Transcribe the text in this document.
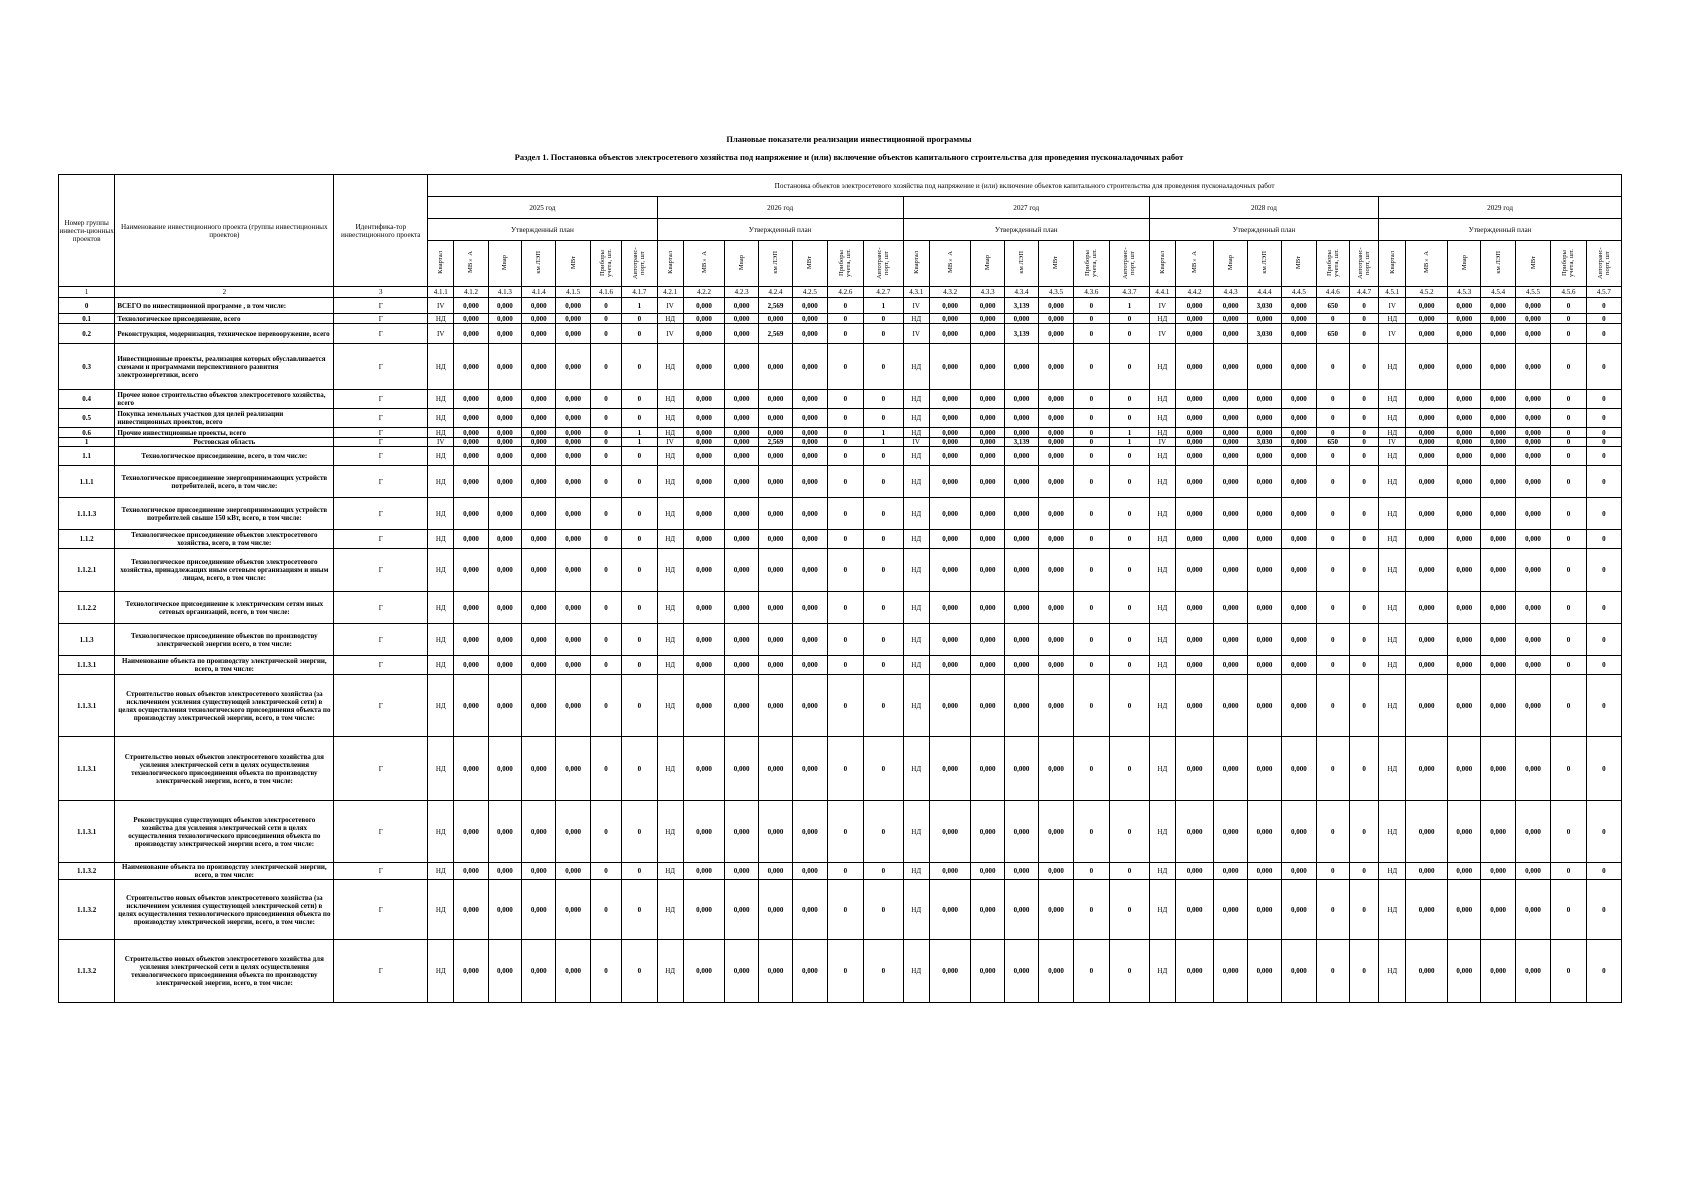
Плановые показатели реализации инвестиционной программы
Раздел 1. Постановка объектов электросетевого хозяйства под напряжение и (или) включение объектов капитального строительства для проведения пусконаладочных работ
Номер группы инвести-ционных проектов	Наименование инвестиционного проекта (группы инвестиционных проектов)	Идентифика-тор инвестиционного проекта	Постановка объектов электросетевого хозяйства под напряжение и (или) включение объектов капитального строительства для проведения пусконаладочных работ																																		
			2025 год							2026 год							2027 год							2028 год							2029 год						
			Утвержденный план							Утвержденный план							Утвержденный план							Утвержденный план							Утвержденный план						
			Квартал	МВ×А	Мвар	км ЛЭП	МВт	Приборы учета, шт.	Автотранс-порт, шт	Квартал	МВ×А	Мвар	км ЛЭП	МВт	Приборы учета, шт.	Автотранс-порт, шт	Квартал	МВ×А	Мвар	км ЛЭП	МВт	Приборы учета, шт.	Автотранс-порт, шт	Квартал	МВ×А	Мвар	км ЛЭП	МВт	Приборы учета, шт.	Автотранс-порт, шт	Квартал	МВ×А	Мвар	км ЛЭП	МВт	Приборы учета, шт.	Автотранс-порт, шт
1	2	3	4.1.1	4.1.2	4.1.3	4.1.4	4.1.5	4.1.6	4.1.7	4.2.1	4.2.2	4.2.3	4.2.4	4.2.5	4.2.6	4.2.7	4.3.1	4.3.2	4.3.3	4.3.4	4.3.5	4.3.6	4.3.7	4.4.1	4.4.2	4.4.3	4.4.4	4.4.5	4.4.6	4.4.7	4.5.1	4.5.2	4.5.3	4.5.4	4.5.5	4.5.6	4.5.7
0	ВСЕГО по инвестиционной программе , в том числе:	Г	IV	0,000	0,000	0,000	0,000	0	1	IV	0,000	0,000	2,569	0,000	0	1	IV	0,000	0,000	3,139	0,000	0	1	IV	0,000	0,000	3,030	0,000	650	0	IV	0,000	0,000	0,000	0,000	0	0
0.1	Технологическое присоединение, всего	Г	НД	0,000	0,000	0,000	0,000	0	0	НД	0,000	0,000	0,000	0,000	0	0	НД	0,000	0,000	0,000	0,000	0	0	НД	0,000	0,000	0,000	0,000	0	0	НД	0,000	0,000	0,000	0,000	0	0
0.2	Реконструкция, модернизация, техническое перевооружение, всего	Г	IV	0,000	0,000	0,000	0,000	0	0	IV	0,000	0,000	2,569	0,000	0	0	IV	0,000	0,000	3,139	0,000	0	0	IV	0,000	0,000	3,030	0,000	650	0	IV	0,000	0,000	0,000	0,000	0	0
0.3	Инвестиционные проекты, реализация которых обуславливается схемами и программами перспективного развития электроэнергетики, всего	Г	НД	0,000	0,000	0,000	0,000	0	0	НД	0,000	0,000	0,000	0,000	0	0	НД	0,000	0,000	0,000	0,000	0	0	НД	0,000	0,000	0,000	0,000	0	0	НД	0,000	0,000	0,000	0,000	0	0
0.4	Прочее новое строительство объектов электросетевого хозяйства, всего	Г	НД	0,000	0,000	0,000	0,000	0	0	НД	0,000	0,000	0,000	0,000	0	0	НД	0,000	0,000	0,000	0,000	0	0	НД	0,000	0,000	0,000	0,000	0	0	НД	0,000	0,000	0,000	0,000	0	0
0.5	Покупка земельных участков для целей реализации инвестиционных проектов, всего	Г	НД	0,000	0,000	0,000	0,000	0	0	НД	0,000	0,000	0,000	0,000	0	0	НД	0,000	0,000	0,000	0,000	0	0	НД	0,000	0,000	0,000	0,000	0	0	НД	0,000	0,000	0,000	0,000	0	0
0.6	Прочие инвестиционные проекты, всего	Г	НД	0,000	0,000	0,000	0,000	0	1	НД	0,000	0,000	0,000	0,000	0	1	НД	0,000	0,000	0,000	0,000	0	1	НД	0,000	0,000	0,000	0,000	0	0	НД	0,000	0,000	0,000	0,000	0	0
1	Ростовская область	Г	IV	0,000	0,000	0,000	0,000	0	1	IV	0,000	0,000	2,569	0,000	0	1	IV	0,000	0,000	3,139	0,000	0	1	IV	0,000	0,000	3,030	0,000	650	0	IV	0,000	0,000	0,000	0,000	0	0
1.1	Технологическое присоединение, всего, в том числе:	Г	НД	0,000	0,000	0,000	0,000	0	0	НД	0,000	0,000	0,000	0,000	0	0	НД	0,000	0,000	0,000	0,000	0	0	НД	0,000	0,000	0,000	0,000	0	0	НД	0,000	0,000	0,000	0,000	0	0
1.1.1	Технологическое присоединение энергопринимающих устройств потребителей, всего, в том числе:	Г	НД	0,000	0,000	0,000	0,000	0	0	НД	0,000	0,000	0,000	0,000	0	0	НД	0,000	0,000	0,000	0,000	0	0	НД	0,000	0,000	0,000	0,000	0	0	НД	0,000	0,000	0,000	0,000	0	0
1.1.1.3	Технологическое присоединение энергопринимающих устройств потребителей свыше 150 кВт, всего, в том числе:	Г	НД	0,000	0,000	0,000	0,000	0	0	НД	0,000	0,000	0,000	0,000	0	0	НД	0,000	0,000	0,000	0,000	0	0	НД	0,000	0,000	0,000	0,000	0	0	НД	0,000	0,000	0,000	0,000	0	0
1.1.2	Технологическое присоединение объектов электросетевого хозяйства, всего, в том числе:	Г	НД	0,000	0,000	0,000	0,000	0	0	НД	0,000	0,000	0,000	0,000	0	0	НД	0,000	0,000	0,000	0,000	0	0	НД	0,000	0,000	0,000	0,000	0	0	НД	0,000	0,000	0,000	0,000	0	0
1.1.2.1	Технологическое присоединение объектов электросетевого хозяйства, принадлежащих иным сетевым организациям и иным лицам, всего, в том числе:	Г	НД	0,000	0,000	0,000	0,000	0	0	НД	0,000	0,000	0,000	0,000	0	0	НД	0,000	0,000	0,000	0,000	0	0	НД	0,000	0,000	0,000	0,000	0	0	НД	0,000	0,000	0,000	0,000	0	0
1.1.2.2	Технологическое присоединение к электрическим сетям иных сетевых организаций, всего, в том числе:	Г	НД	0,000	0,000	0,000	0,000	0	0	НД	0,000	0,000	0,000	0,000	0	0	НД	0,000	0,000	0,000	0,000	0	0	НД	0,000	0,000	0,000	0,000	0	0	НД	0,000	0,000	0,000	0,000	0	0
1.1.3	Технологическое присоединение объектов по производству электрической энергии всего, в том числе:	Г	НД	0,000	0,000	0,000	0,000	0	0	НД	0,000	0,000	0,000	0,000	0	0	НД	0,000	0,000	0,000	0,000	0	0	НД	0,000	0,000	0,000	0,000	0	0	НД	0,000	0,000	0,000	0,000	0	0
1.1.3.1	Наименование объекта по производству электрической энергии, всего, в том числе:	Г	НД	0,000	0,000	0,000	0,000	0	0	НД	0,000	0,000	0,000	0,000	0	0	НД	0,000	0,000	0,000	0,000	0	0	НД	0,000	0,000	0,000	0,000	0	0	НД	0,000	0,000	0,000	0,000	0	0
1.1.3.1	Строительство новых объектов электросетевого хозяйства (за исключением усиления существующей электрической сети) в целях осуществления технологического присоединения объекта по производству электрической энергии, всего, в том числе:	Г	НД	0,000	0,000	0,000	0,000	0	0	НД	0,000	0,000	0,000	0,000	0	0	НД	0,000	0,000	0,000	0,000	0	0	НД	0,000	0,000	0,000	0,000	0	0	НД	0,000	0,000	0,000	0,000	0	0
1.1.3.1	Строительство новых объектов электросетевого хозяйства для усиления электрической сети в целях осуществления технологического присоединения объекта по производству электрической энергии, всего, в том числе:	Г	НД	0,000	0,000	0,000	0,000	0	0	НД	0,000	0,000	0,000	0,000	0	0	НД	0,000	0,000	0,000	0,000	0	0	НД	0,000	0,000	0,000	0,000	0	0	НД	0,000	0,000	0,000	0,000	0	0
1.1.3.1	Реконструкция существующих объектов электросетевого хозяйства для усиления электрической сети в целях осуществления технологического присоединения объекта по производству электрической энергии всего, в том числе:	Г	НД	0,000	0,000	0,000	0,000	0	0	НД	0,000	0,000	0,000	0,000	0	0	НД	0,000	0,000	0,000	0,000	0	0	НД	0,000	0,000	0,000	0,000	0	0	НД	0,000	0,000	0,000	0,000	0	0
1.1.3.2	Наименование объекта по производству электрической энергии, всего, в том числе:	Г	НД	0,000	0,000	0,000	0,000	0	0	НД	0,000	0,000	0,000	0,000	0	0	НД	0,000	0,000	0,000	0,000	0	0	НД	0,000	0,000	0,000	0,000	0	0	НД	0,000	0,000	0,000	0,000	0	0
1.1.3.2	Строительство новых объектов электросетевого хозяйства (за исключением усиления существующей электрической сети) в целях осуществления технологического присоединения объекта по производству электрической энергии, всего, в том числе:	Г	НД	0,000	0,000	0,000	0,000	0	0	НД	0,000	0,000	0,000	0,000	0	0	НД	0,000	0,000	0,000	0,000	0	0	НД	0,000	0,000	0,000	0,000	0	0	НД	0,000	0,000	0,000	0,000	0	0
1.1.3.2	Строительство новых объектов электросетевого хозяйства для усиления электрической сети в целях осуществления технологического присоединения объекта по производству электрической энергии, всего, в том числе:	Г	НД	0,000	0,000	0,000	0,000	0	0	НД	0,000	0,000	0,000	0,000	0	0	НД	0,000	0,000	0,000	0,000	0	0	НД	0,000	0,000	0,000	0,000	0	0	НД	0,000	0,000	0,000	0,000	0	0
